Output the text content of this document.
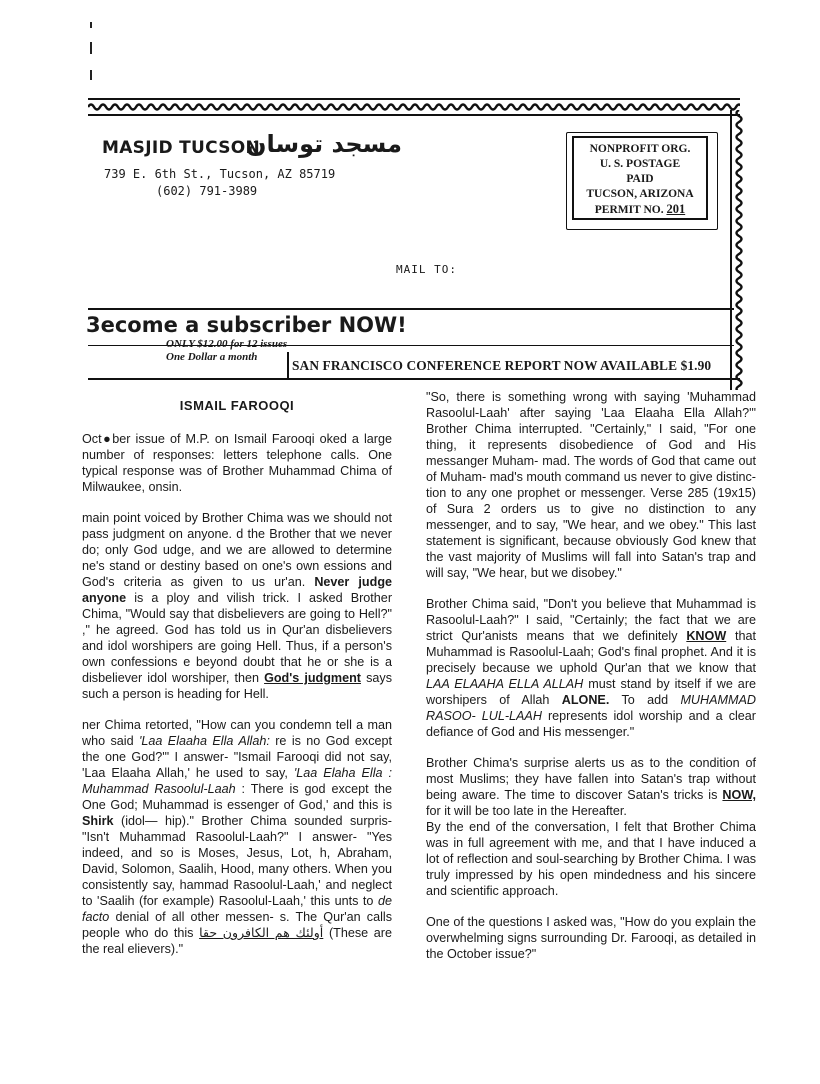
MASJID TUCSON
مسجد توسان
739 E. 6th St., Tucson, AZ 85719
(602) 791-3989
NONPROFIT ORG.
U. S. POSTAGE
PAID
TUCSON, ARIZONA
PERMIT NO. 201
MAIL TO:
3ecome a subscriber NOW!
ONLY $12.00 for 12 issues
One Dollar a month
SAN FRANCISCO CONFERENCE REPORT NOW AVAILABLE $1.90
ISMAIL FAROOQI

Oct●ber issue of M.P. on Ismail Farooqi oked a large number of responses: letters telephone calls. One typical response was of Brother Muhammad Chima of Milwaukee, onsin.

main point voiced by Brother Chima was we should not pass judgment on anyone. d the Brother that we never do; only God udge, and we are allowed to determine ne's stand or destiny based on one's own essions and God's criteria as given to us ur'an. Never judge anyone is a ploy and vilish trick. I asked Brother Chima, "Would say that disbelievers are going to Hell?" ," he agreed. God has told us in Qur'an disbelievers and idol worshipers are going Hell. Thus, if a person's own confessions e beyond doubt that he or she is a disbeliever idol worshiper, then God's judgment says such a person is heading for Hell.

ner Chima retorted, "How can you condemn tell a man who said 'Laa Elaaha Ella Allah: re is no God except the one God?'" I answer- "Ismail Farooqi did not say, 'Laa Elaaha Allah,' he used to say, 'Laa Elaha Ella : Muhammad Rasoolul-Laah : There is god except the One God; Muhammad is essenger of God,' and this is Shirk (idol— hip)." Brother Chima sounded surpris- "Isn't Muhammad Rasoolul-Laah?" I answer- "Yes indeed, and so is Moses, Jesus, Lot, h, Abraham, David, Solomon, Saalih, Hood, many others. When you consistently say, hammad Rasoolul-Laah,' and neglect to 'Saalih (for example) Rasoolul-Laah,' this unts to de facto denial of all other messen- s. The Qur'an calls people who do this أولئك هم الكافرون حقا (These are the real elievers)."

"So, there is something wrong with saying 'Muhammad Rasoolul-Laah' after saying 'Laa Elaaha Ella Allah?'" Brother Chima interrupted. "Certainly," I said, "For one thing, it represents disobedience of God and His messanger Muham- mad. The words of God that came out of Muham- mad's mouth command us never to give distinc- tion to any one prophet or messenger. Verse 285 (19x15) of Sura 2 orders us to give no distinction to any messenger, and to say, "We hear, and we obey." This last statement is significant, because obviously God knew that the vast majority of Muslims will fall into Satan's trap and will say, "We hear, but we disobey."

Brother Chima said, "Don't you believe that Muhammad is Rasoolul-Laah?" I said, "Certainly; the fact that we are strict Qur'anists means that we definitely KNOW that Muhammad is Rasoolul-Laah; God's final prophet. And it is precisely because we uphold Qur'an that we know that LAA ELAAHA ELLA ALLAH must stand by itself if we are worshipers of Allah ALONE. To add MUHAMMAD RASOO- LUL-LAAH represents idol worship and a clear defiance of God and His messenger."

Brother Chima's surprise alerts us as to the condition of most Muslims; they have fallen into Satan's trap without being aware. The time to discover Satan's tricks is NOW, for it will be too late in the Hereafter.

By the end of the conversation, I felt that Brother Chima was in full agreement with me, and that I have induced a lot of reflection and soul-searching by Brother Chima. I was truly impressed by his open mindedness and his sincere and scientific approach.

One of the questions I asked was, "How do you explain the overwhelming signs surrounding Dr. Farooqi, as detailed in the October issue?"
